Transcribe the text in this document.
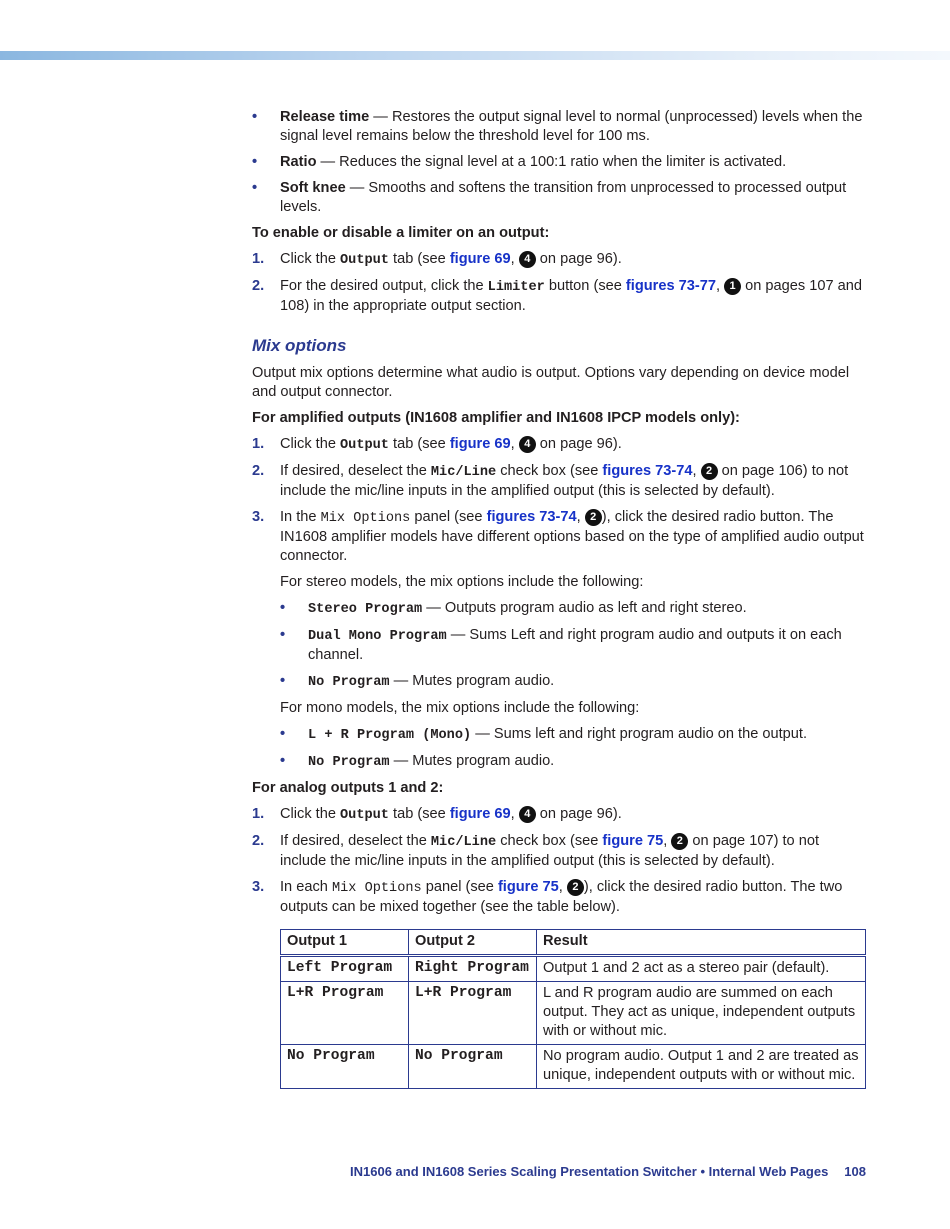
• Release time — Restores the output signal level to normal (unprocessed) levels when the signal level remains below the threshold level for 100 ms.
• Ratio — Reduces the signal level at a 100:1 ratio when the limiter is activated.
• Soft knee — Smooths and softens the transition from unprocessed to processed output levels.

To enable or disable a limiter on an output:

1. Click the Output tab (see figure 69, 4 on page 96).
2. For the desired output, click the Limiter button (see figures 73-77, 1 on pages 107 and 108) in the appropriate output section.
Mix options

Output mix options determine what audio is output. Options vary depending on device model and output connector.

For amplified outputs (IN1608 amplifier and IN1608 IPCP models only):

1. Click the Output tab (see figure 69, 4 on page 96).
2. If desired, deselect the Mic/Line check box (see figures 73-74, 2 on page 106) to not include the mic/line inputs in the amplified output (this is selected by default).
3. In the Mix Options panel (see figures 73-74, 2 ), click the desired radio button. The IN1608 amplifier models have different options based on the type of amplified audio output connector.

For stereo models, the mix options include the following:

• Stereo Program — Outputs program audio as left and right stereo.
• Dual Mono Program — Sums Left and right program audio and outputs it on each channel.
• No Program — Mutes program audio.

For mono models, the mix options include the following:

• L + R Program (Mono) — Sums left and right program audio on the output.
• No Program — Mutes program audio.

For analog outputs 1 and 2:

1. Click the Output tab (see figure 69, 4 on page 96).
2. If desired, deselect the Mic/Line check box (see figure 75, 2 on page 107) to not include the mic/line inputs in the amplified output (this is selected by default).
3. In each Mix Options panel (see figure 75, 2 ), click the desired radio button. The two outputs can be mixed together (see the table below).
Output 1	Output 2	Result
Left Program	Right Program	Output 1 and 2 act as a stereo pair (default).
L+R Program	L+R Program	L and R program audio are summed on each output. They act as unique, independent outputs with or without mic.
No Program	No Program	No program audio. Output 1 and 2 are treated as unique, independent outputs with or without mic.
IN1606 and IN1608 Series Scaling Presentation Switcher • Internal Web Pages 108
